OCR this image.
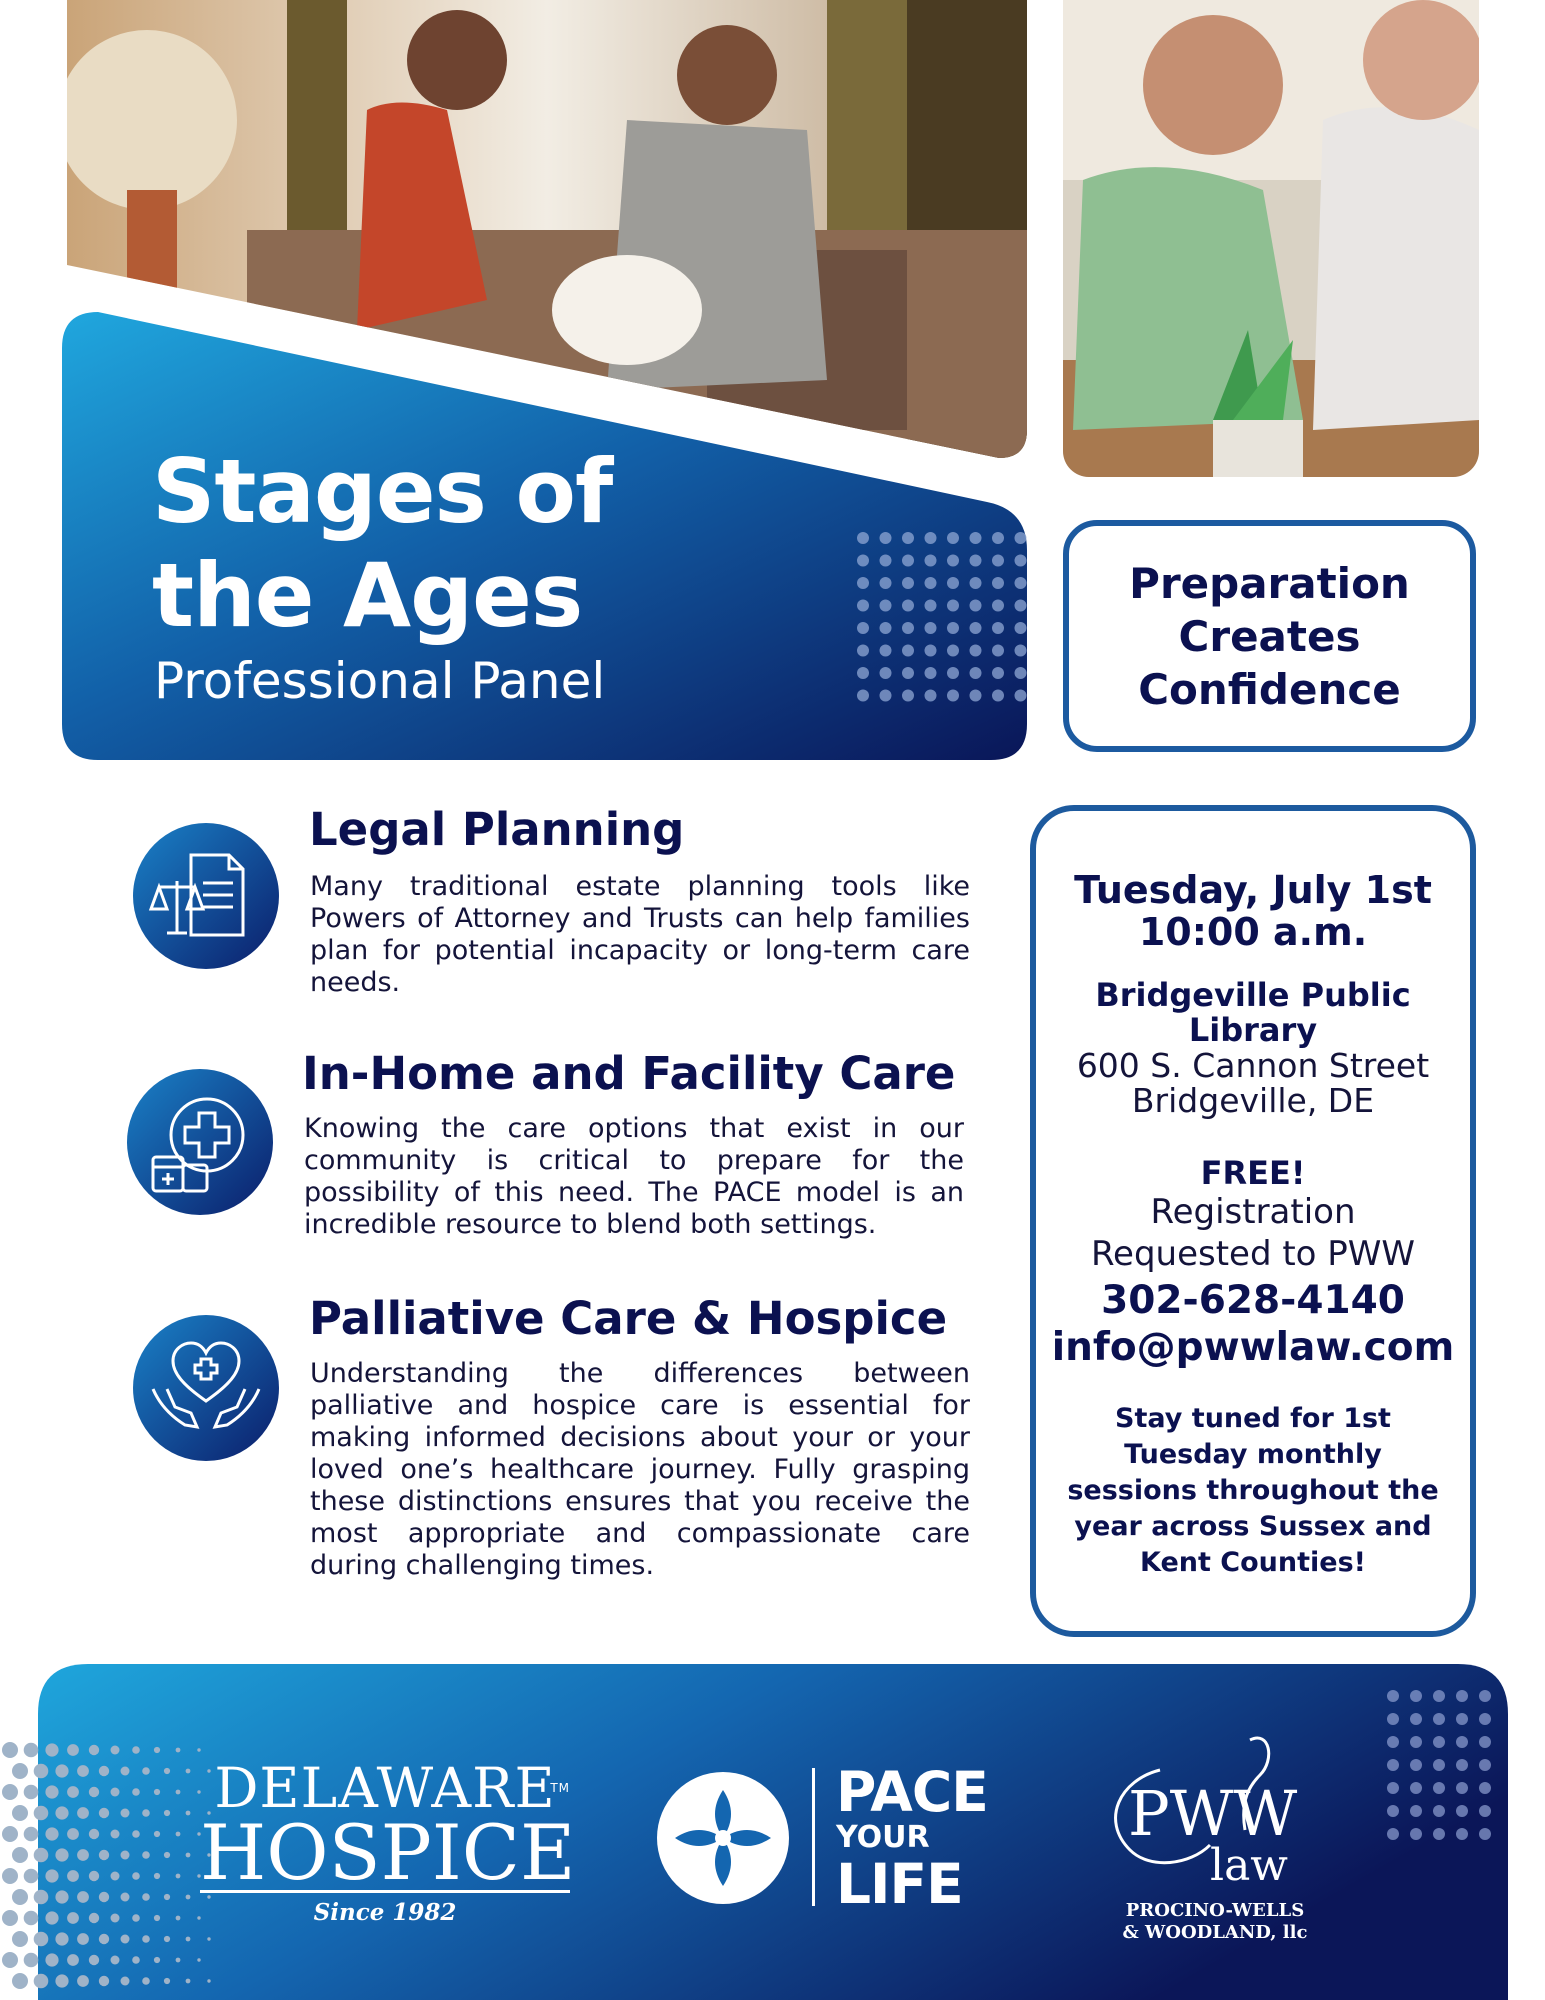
Stages of
the Ages
Professional Panel
Preparation Creates Confidence
Legal Planning
Many traditional estate planning tools like Powers of Attorney and Trusts can help families plan for potential incapacity or long-term care needs.
In-Home and Facility Care
Knowing the care options that exist in our community is critical to prepare for the possibility of this need. The PACE model is an incredible resource to blend both settings.
Palliative Care & Hospice
Understanding the differences between palliative and hospice care is essential for making informed decisions about your or your loved one’s healthcare journey. Fully grasping these distinctions ensures that you receive the most appropriate and compassionate care during challenging times.
Tuesday, July 1st
10:00 a.m.
Bridgeville Public
Library
600 S. Cannon Street
Bridgeville, DE
FREE!
Registration
Requested to PWW
302-628-4140
info@pwwlaw.com
Stay tuned for 1st Tuesday monthly sessions throughout the year across Sussex and Kent Counties!
DELAWARE
TM
HOSPICE
Since 1982
PACE
YOUR
LIFE
PWW
law
PROCINO-WELLS
& WOODLAND, llc
